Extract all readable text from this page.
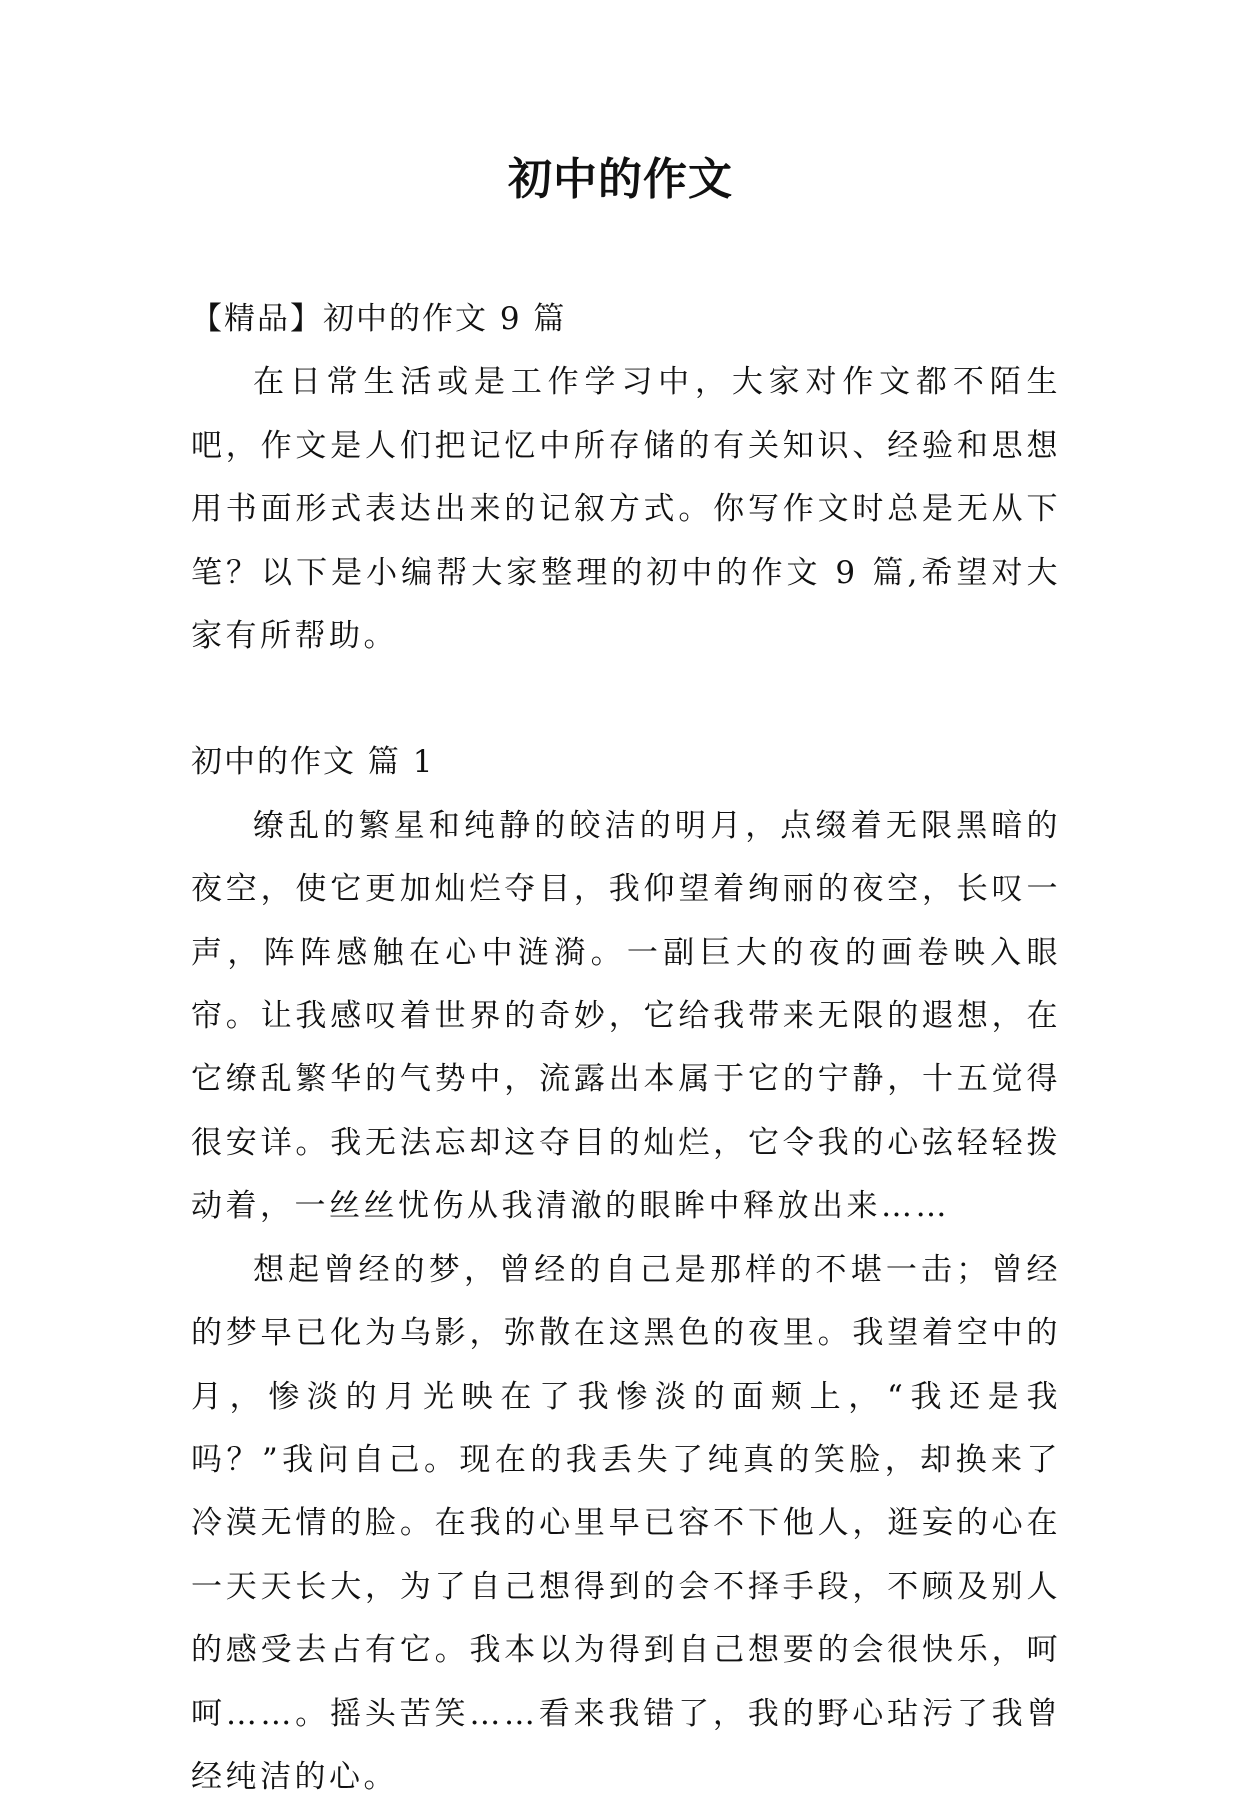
初中的作文

【精品】初中的作文 9 篇

在日常生活或是工作学习中，大家对作文都不陌生吧，作文是人们把记忆中所存储的有关知识、经验和思想用书面形式表达出来的记叙方式。你写作文时总是无从下笔？以下是小编帮大家整理的初中的作文 9 篇,希望对大家有所帮助。

初中的作文 篇 1

缭乱的繁星和纯静的皎洁的明月，点缀着无限黑暗的夜空，使它更加灿烂夺目，我仰望着绚丽的夜空，长叹一声，阵阵感触在心中涟漪。一副巨大的夜的画卷映入眼帘。让我感叹着世界的奇妙，它给我带来无限的遐想，在它缭乱繁华的气势中，流露出本属于它的宁静，十五觉得很安详。我无法忘却这夺目的灿烂，它令我的心弦轻轻拨动着，一丝丝忧伤从我清澈的眼眸中释放出来……

想起曾经的梦，曾经的自己是那样的不堪一击；曾经的梦早已化为乌影，弥散在这黑色的夜里。我望着空中的月，惨淡的月光映在了我惨淡的面颊上，“我还是我吗？”我问自己。现在的我丢失了纯真的笑脸，却换来了冷漠无情的脸。在我的心里早已容不下他人，逛妄的心在一天天长大，为了自己想得到的会不择手段，不顾及别人的感受去占有它。我本以为得到自己想要的会很快乐，呵呵……。摇头苦笑……看来我错了，我的野心玷污了我曾经纯洁的心。
